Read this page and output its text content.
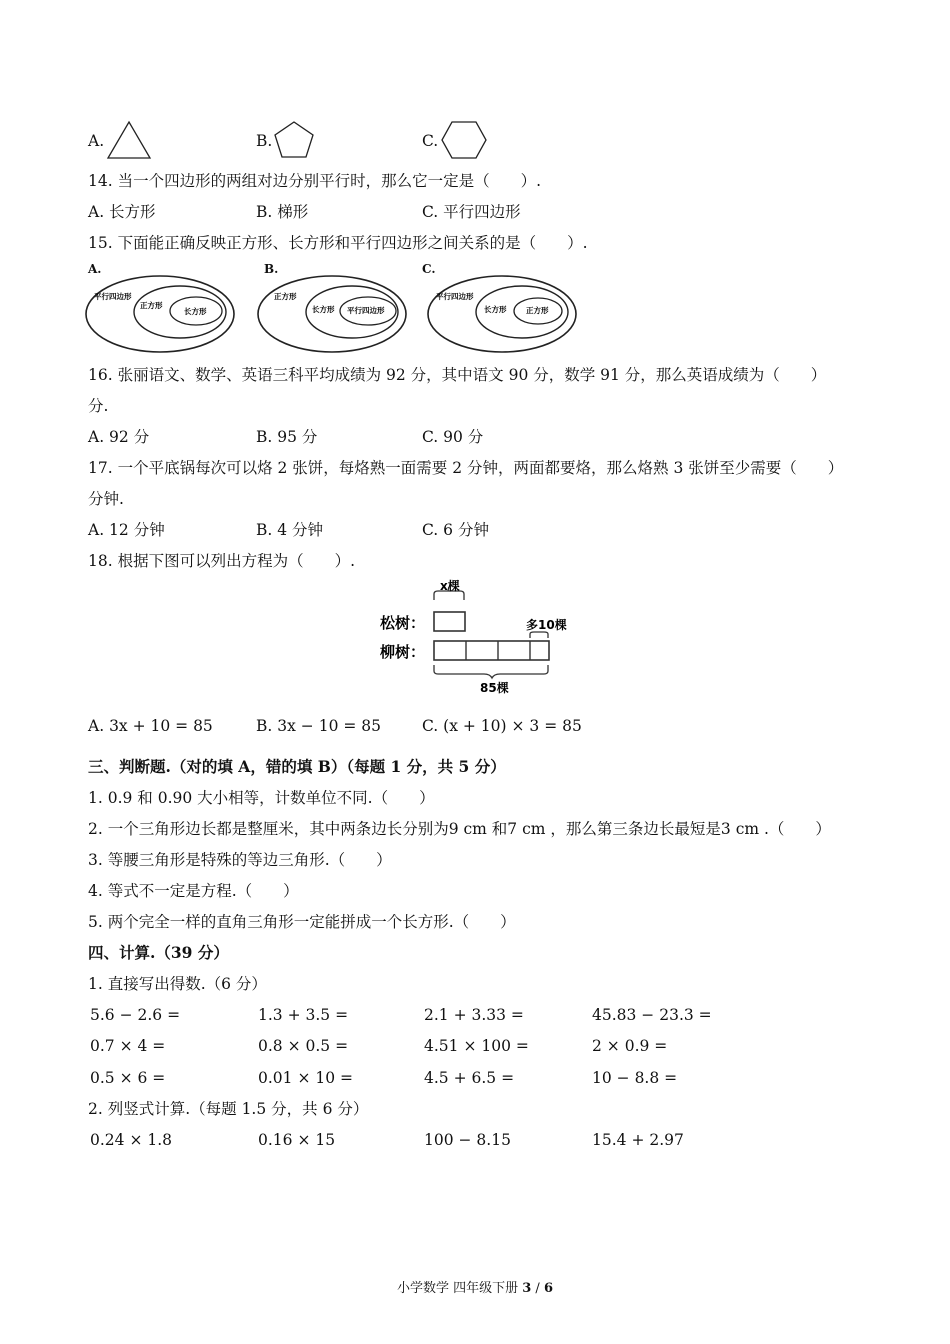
A.	B.	C.
14. 当一个四边形的两组对边分别平行时，那么它一定是（　　）.
A. 长方形	B. 梯形	C. 平行四边形
15. 下面能正确反映正方形、长方形和平行四边形之间关系的是（　　）.
A.
平行四边形
正方形
长方形
B.
正方形
长方形 平行四边形
C.
平行四边形
长方形	正方形
16. 张丽语文、数学、英语三科平均成绩为 92 分，其中语文 90 分，数学 91 分，那么英语成绩为（　　）
分.
A. 92 分	B. 95 分	C. 90 分
17. 一个平底锅每次可以烙 2 张饼，每烙熟一面需要 2 分钟，两面都要烙，那么烙熟 3 张饼至少需要（　　）
分钟.
A. 12 分钟	B. 4 分钟	C. 6 分钟
18. 根据下图可以列出方程为（　　）.
x棵
松树：	多10棵
柳树：
85棵
A. 3x + 10 = 85	B. 3x − 10 = 85	C. (x + 10) × 3 = 85
三、判断题.（对的填 A，错的填 B）（每题 1 分，共 5 分）
1. 0.9 和 0.90 大小相等，计数单位不同.（　　）
2. 一个三角形边长都是整厘米，其中两条边长分别为9 cm 和7 cm ，那么第三条边长最短是3 cm .（　　）
3. 等腰三角形是特殊的等边三角形.（　　）
4. 等式不一定是方程.（　　）
5. 两个完全一样的直角三角形一定能拼成一个长方形.（　　）
四、计算.（39 分）
1. 直接写出得数.（6 分）
5.6 − 2.6 =	1.3 + 3.5 =	2.1 + 3.33 =	45.83 − 23.3 =
0.7 × 4 =	0.8 × 0.5 =	4.51 × 100 =	2 × 0.9 =
0.5 × 6 =	0.01 × 10 =	4.5 + 6.5 =	10 − 8.8 =
2. 列竖式计算.（每题 1.5 分，共 6 分）
0.24 × 1.8	0.16 × 15	100 − 8.15	15.4 + 2.97
小学数学 四年级下册 3 / 6
